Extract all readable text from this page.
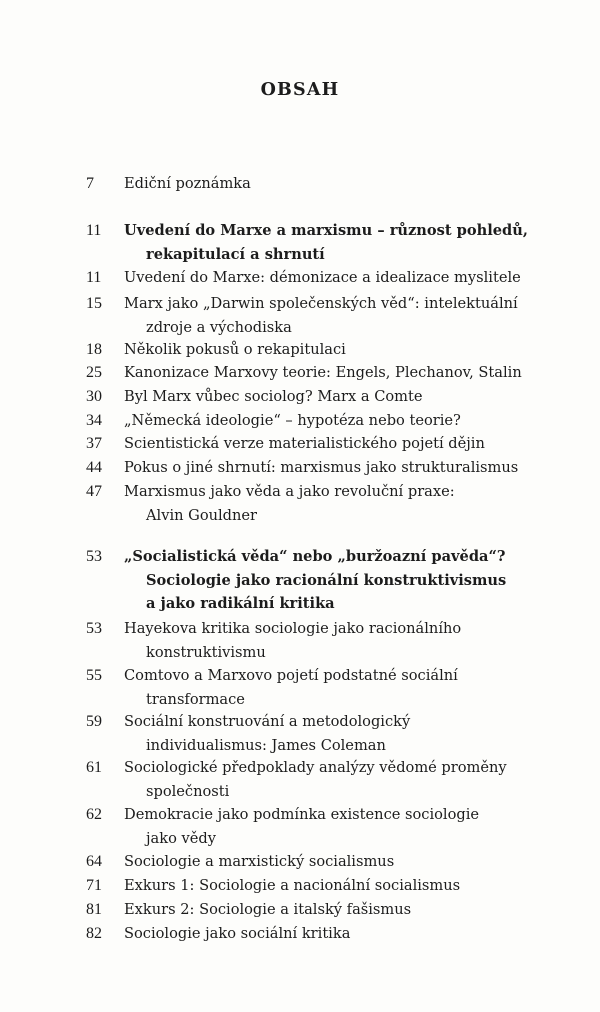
OBSAH
7 Ediční poznámka
11 Uvedení do Marxe a marxismu – různost pohledů,
rekapitulací a shrnutí
11 Uvedení do Marxe: démonizace a idealizace myslitele
15 Marx jako „Darwin společenských věd“: intelektuální
zdroje a východiska
18 Několik pokusů o rekapitulaci
25 Kanonizace Marxovy teorie: Engels, Plechanov, Stalin
30 Byl Marx vůbec sociolog? Marx a Comte
34 „Německá ideologie“ – hypotéza nebo teorie?
37 Scientistická verze materialistického pojetí dějin
44 Pokus o jiné shrnutí: marxismus jako strukturalismus
47 Marxismus jako věda a jako revoluční praxe:
Alvin Gouldner
53 „Socialistická věda“ nebo „buržoazní pavěda“?
Sociologie jako racionální konstruktivismus
a jako radikální kritika
53 Hayekova kritika sociologie jako racionálního
konstruktivismu
55 Comtovo a Marxovo pojetí podstatné sociální
transformace
59 Sociální konstruování a metodologický
individualismus: James Coleman
61 Sociologické předpoklady analýzy vědomé proměny
společnosti
62 Demokracie jako podmínka existence sociologie
jako vědy
64 Sociologie a marxistický socialismus
71 Exkurs 1: Sociologie a nacionální socialismus
81 Exkurs 2: Sociologie a italský fašismus
82 Sociologie jako sociální kritika
